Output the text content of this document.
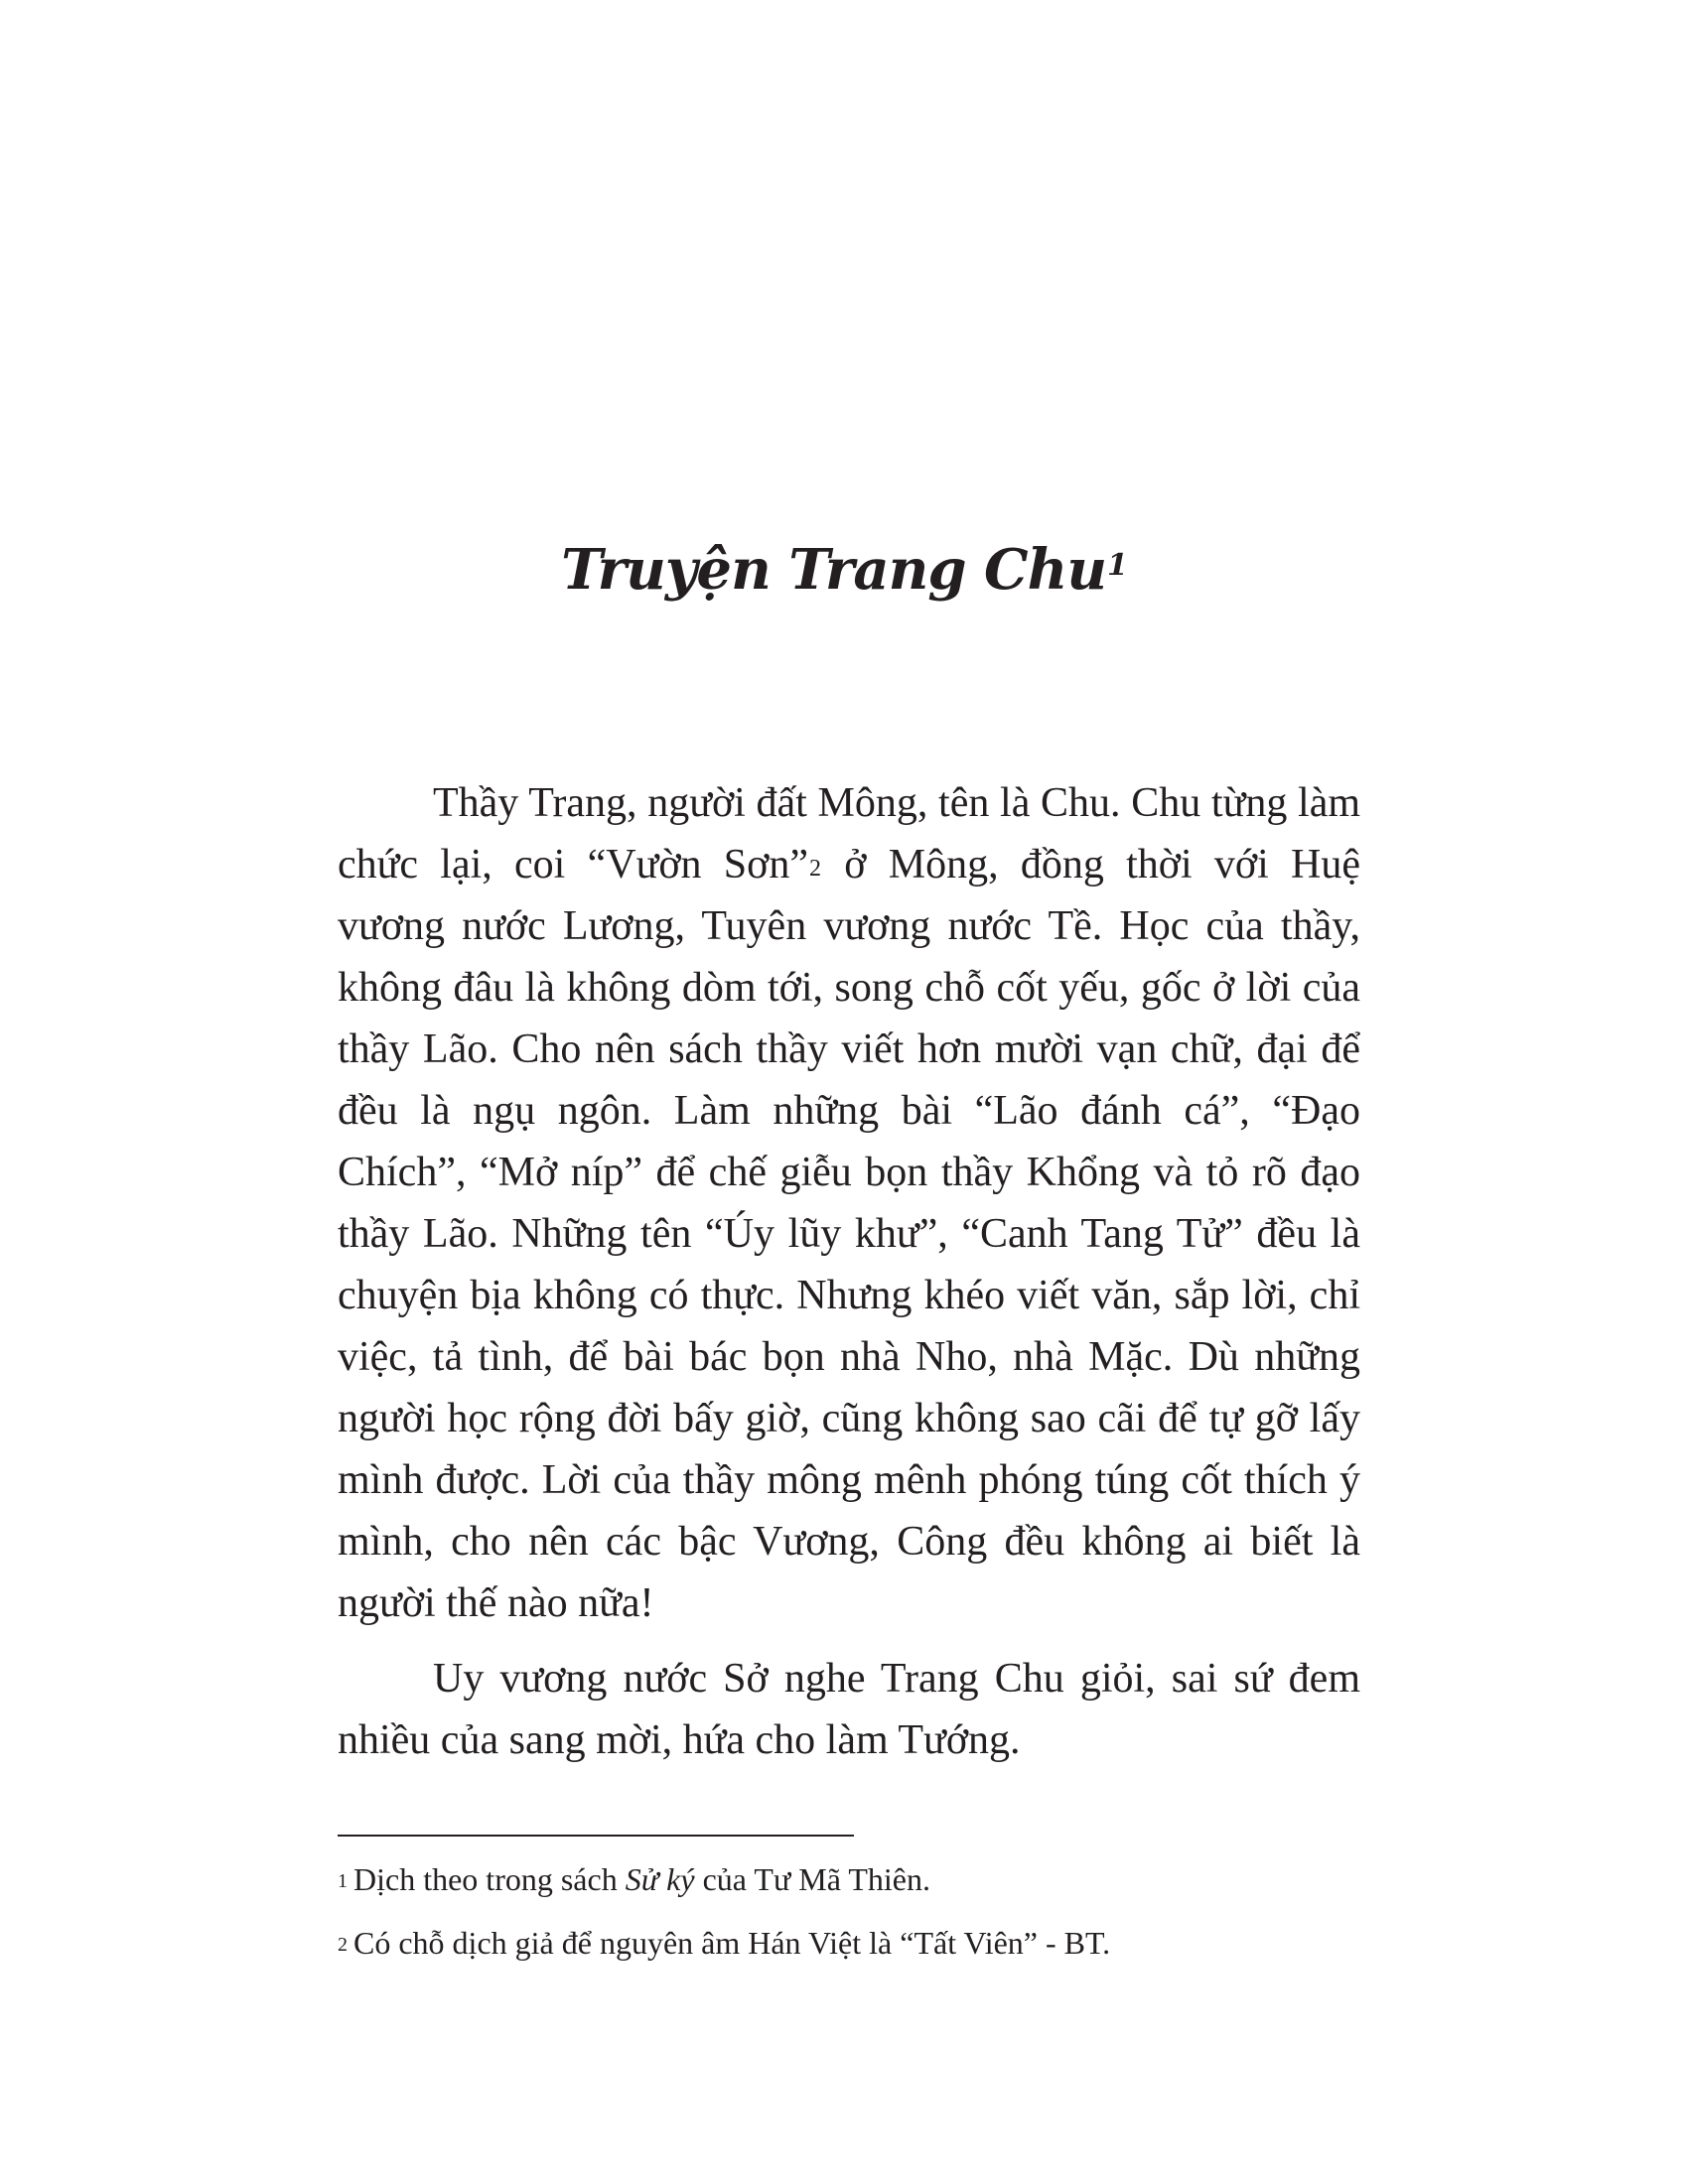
Truyện Trang Chu$^1$

Thầy Trang, người đất Mông, tên là Chu. Chu từng làm chức lại, coi “Vườn Sơn”$^2$ ở Mông, đồng thời với Huệ vương nước Lương, Tuyên vương nước Tề. Học của thầy, không đâu là không dòm tới, song chỗ cốt yếu, gốc ở lời của thầy Lão. Cho nên sách thầy viết hơn mười vạn chữ, đại để đều là ngụ ngôn. Làm những bài “Lão đánh cá”, “Đạo Chích”, “Mở níp” để chế giễu bọn thầy Khổng và tỏ rõ đạo thầy Lão. Những tên “Úy lũy khư”, “Canh Tang Tử” đều là chuyện bịa không có thực. Nhưng khéo viết văn, sắp lời, chỉ việc, tả tình, để bài bác bọn nhà Nho, nhà Mặc. Dù những người học rộng đời bấy giờ, cũng không sao cãi để tự gỡ lấy mình được. Lời của thầy mông mênh phóng túng cốt thích ý mình, cho nên các bậc Vương, Công đều không ai biết là người thế nào nữa!

Uy vương nước Sở nghe Trang Chu giỏi, sai sứ đem nhiều của sang mời, hứa cho làm Tướng.

$^1$ Dịch theo trong sách Sử ký của Tư Mã Thiên.

$^2$ Có chỗ dịch giả để nguyên âm Hán Việt là “Tất Viên” - BT.
